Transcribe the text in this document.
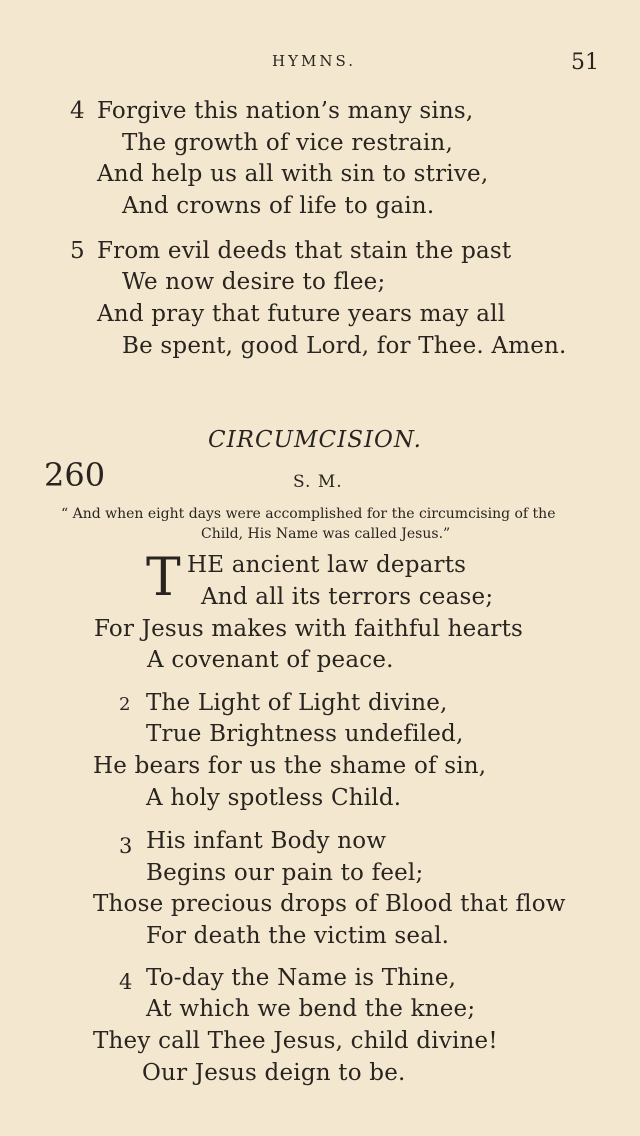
HYMNS.	51
4 Forgive this nation’s many sins,
The growth of vice restrain,
And help us all with sin to strive,
And crowns of life to gain.
5 From evil deeds that stain the past
We now desire to flee;
And pray that future years may all
Be spent, good Lord, for Thee. Amen.
CIRCUMCISION.
260	S. M.
“ And when eight days were accomplished for the circumcising of the
Child, His Name was called Jesus.”
T HE ancient law departs
And all its terrors cease;
For Jesus makes with faithful hearts
A covenant of peace.
2 The Light of Light divine,
True Brightness undefiled,
He bears for us the shame of sin,
A holy spotless Child.
3 His infant Body now
Begins our pain to feel;
Those precious drops of Blood that flow
For death the victim seal.
4 To-day the Name is Thine,
At which we bend the knee;
They call Thee Jesus, child divine!
Our Jesus deign to be.
